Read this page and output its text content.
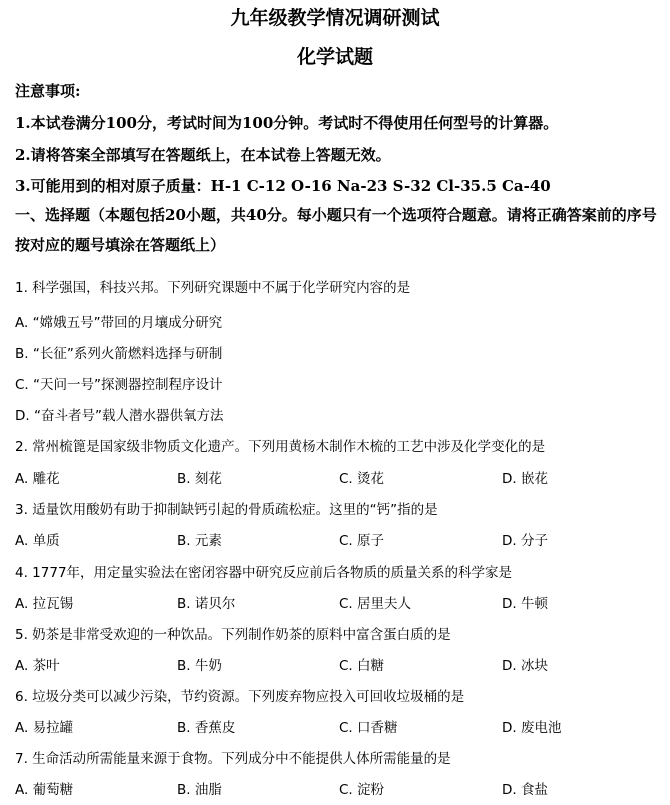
九年级教学情况调研测试
化学试题
注意事项:
1.本试卷满分100分，考试时间为100分钟。考试时不得使用任何型号的计算器。
2.请将答案全部填写在答题纸上，在本试卷上答题无效。
3.可能用到的相对原子质量：H-1 C-12 O-16 Na-23 S-32 Cl-35.5 Ca-40
一、选择题（本题包括20小题，共40分。每小题只有一个选项符合题意。请将正确答案前的序号按对应的题号填涂在答题纸上）
1. 科学强国，科技兴邦。下列研究课题中不属于化学研究内容的是
A. “嫦娥五号”带回的月壤成分研究
B. “长征”系列火箭燃料选择与研制
C. “天问一号”探测器控制程序设计
D. “奋斗者号”载人潜水器供氧方法
2. 常州梳篦是国家级非物质文化遗产。下列用黄杨木制作木梳的工艺中涉及化学变化的是
A. 雕花	B. 刻花	C. 烫花	D. 嵌花
3. 适量饮用酸奶有助于抑制缺钙引起的骨质疏松症。这里的“钙”指的是
A. 单质	B. 元素	C. 原子	D. 分子
4. 1777年，用定量实验法在密闭容器中研究反应前后各物质的质量关系的科学家是
A. 拉瓦锡	B. 诺贝尔	C. 居里夫人	D. 牛顿
5. 奶茶是非常受欢迎的一种饮品。下列制作奶茶的原料中富含蛋白质的是
A. 茶叶	B. 牛奶	C. 白糖	D. 冰块
6. 垃圾分类可以减少污染，节约资源。下列废弃物应投入可回收垃圾桶的是
A. 易拉罐	B. 香蕉皮	C. 口香糖	D. 废电池
7. 生命活动所需能量来源于食物。下列成分中不能提供人体所需能量的是
A. 葡萄糖	B. 油脂	C. 淀粉	D. 食盐
